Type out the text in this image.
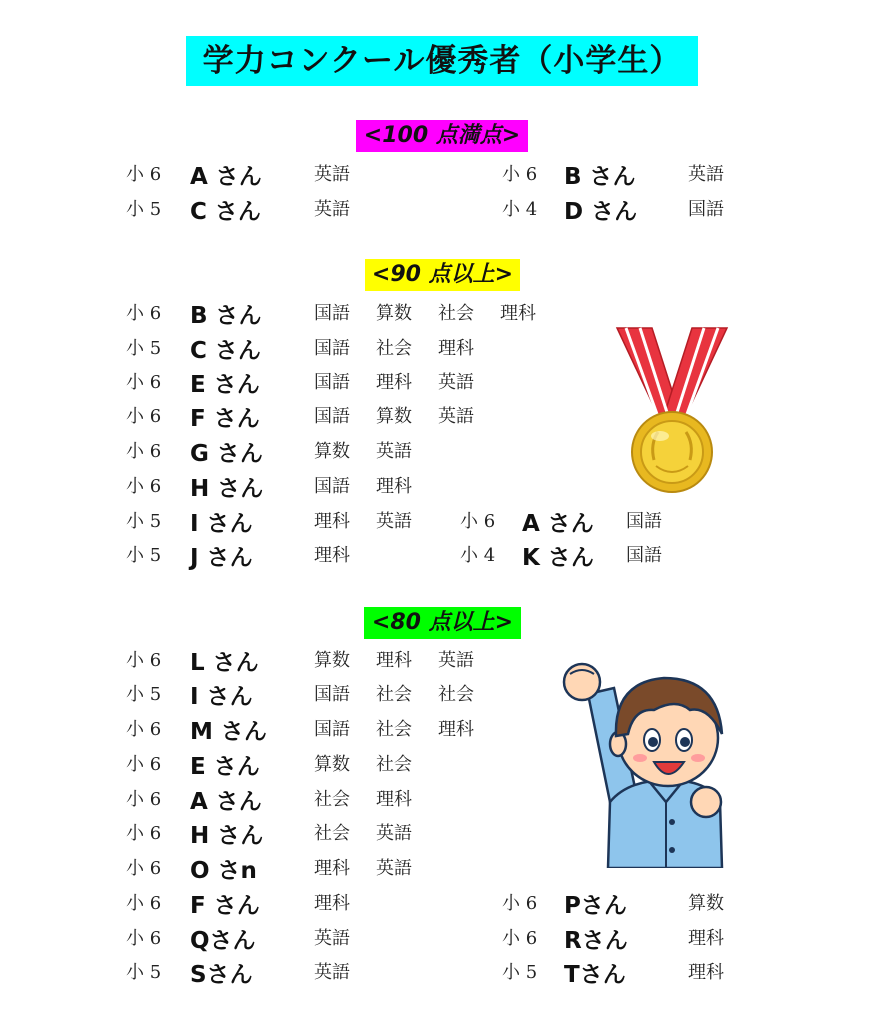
学力コンクール優秀者（小学生）
<100 点満点>
小 6 A さん	英語	小 6 B さん	英語
小 5 C さん	英語	小 4 D さん	国語
<90 点以上>
小 6 B さん	国語 算数 社会 理科
小 5 C さん	国語 社会 理科
小 6 E さん	国語 理科 英語
小 6 F さん	国語 算数 英語
小 6 G さん	算数 英語
小 6 H さん	国語 理科
小 5 I さん	理科 英語
小 5 J さん	理科
小 6 A さん 国語
小 4 K さん 国語
<80 点以上>
小 6 L さん	算数 理科 英語
小 5 I さん	国語 社会 社会
小 6 M さん	国語 社会 理科
小 6 E さん	算数 社会
小 6 A さん	社会 理科
小 6 H さん	社会 英語
小 6 O さn	理科 英語
小 6 F さん	理科
小 6 Qさん	英語
小 5 Sさん	英語
小 6 Pさん	算数
小 6 Rさん	理科
小 5 Tさん	理科
